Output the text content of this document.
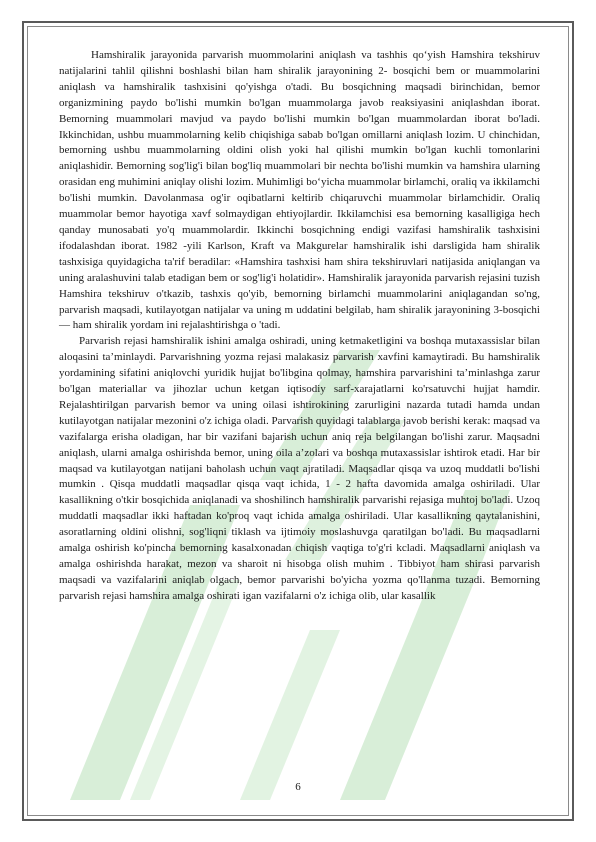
Hamshiralik jarayonida parvarish muommolarini aniqlash va tashhis qo‘yish Hamshira tekshiruv natijalarini tahlil qilishni boshlashi bilan ham shiralik jarayonining 2- bosqichi bem or muammolarini aniqlash va hamshiralik tashxisini qo'yishga o'tadi. Bu bosqichning maqsadi birinchidan, bemor organizmining paydo bo'lishi mumkin bo'lgan muammolarga javob reaksiyasini aniqlashdan iborat. Bemorning muammolari mavjud va paydo bo'lishi mumkin bo'lgan muammolardan iborat bo'ladi. Ikkinchidan, ushbu muammolarning kelib chiqishiga sabab bo'lgan omillarni aniqlash lozim. U chinchidan, bemorning ushbu muammolarning oldini olish yoki hal qilishi mumkin bo'lgan kuchli tomonlarini aniqlashidir. Bemorning sog'lig'i bilan bog'liq muammolari bir nechta bo'lishi mumkin va hamshira ularning orasidan eng muhimini aniqlay olishi lozim. Muhimligi bo‘yicha muammolar birlamchi, oraliq va ikkilamchi bo'lishi mumkin. Davolanmasa og'ir oqibatlarni keltirib chiqaruvchi muammolar birlamchidir. Oraliq muammolar bemor hayotiga xavf solmaydigan ehtiyojlardir. Ikkilamchisi esa bemorning kasalligiga hech qanday munosabati yo'q muammolardir. Ikkinchi bosqichning endigi vazifasi hamshiralik tashxisini ifodalashdan iborat. 1982 -yili Karlson, Kraft va Makgurelar hamshiralik ishi darsligida ham shiralik tashxisiga quyidagicha ta'rif beradilar: «Hamshira tashxisi ham shira tekshiruvlari natijasida aniqlangan va uning aralashuvini talab etadigan bem or sog'lig'i holatidir». Hamshiralik jarayonida parvarish rejasini tuzish Hamshira tekshiruv o'tkazib, tashxis qo'yib, bemorning birlamchi muammolarini aniqlagandan so'ng, parvarish maqsadi, kutilayotgan natijalar va uning m uddatini belgilab, ham shiralik jarayonining 3-bosqichi — ham shiralik yordam ini rejalashtirishga o 'tadi.

Parvarish rejasi hamshiralik ishini amalga oshiradi, uning ketmaketligini va boshqa mutaxassislar bilan aloqasini ta’minlaydi. Parvarishning yozma rejasi malakasiz parvarish xavfini kamaytiradi. Bu hamshiralik yordamining sifatini aniqlovchi yuridik hujjat bo'libgina qolmay, hamshira parvarishini ta’minlashga zarur bo'lgan materiallar va jihozlar uchun ketgan iqtisodiy sarf-xarajatlarni ko'rsatuvchi hujjat hamdir. Rejalashtirilgan parvarish bemor va uning oilasi ishtirokining zarurligini nazarda tutadi hamda undan kutilayotgan natijalar mezonini o'z ichiga oladi. Parvarish quyidagi talablarga javob berishi kerak: maqsad va vazifalarga erisha oladigan, har bir vazifani bajarish uchun aniq reja belgilangan bo'lishi zarur. Maqsadni aniqlash, ularni amalga oshirishda bemor, uning oila a’zolari va boshqa mutaxassislar ishtirok etadi. Har bir maqsad va kutilayotgan natijani baholash uchun vaqt ajratiladi. Maqsadlar qisqa va uzoq muddatli bo'lishi mumkin . Qisqa muddatli maqsadlar qisqa vaqt ichida, 1 - 2 hafta davomida amalga oshiriladi. Ular kasallikning o'tkir bosqichida aniqlanadi va shoshilinch hamshiralik parvarishi rejasiga muhtoj bo'ladi. Uzoq muddatli maqsadlar ikki haftadan ko'proq vaqt ichida amalga oshiriladi. Ular kasallikning qaytalanishini, asoratlarning oldini olishni, sog'liqni tiklash va ijtimoiy moslashuvga qaratilgan bo'ladi. Bu maqsadlarni amalga oshirish ko'pincha bemorning kasalxonadan chiqish vaqtiga to'g'ri kcladi. Maqsadlarni aniqlash va amalga oshirishda harakat, mezon va sharoit ni hisobga olish muhim . Tibbiyot ham shirasi parvarish maqsadi va vazifalarini aniqlab olgach, bemor parvarishi bo'yicha yozma qo'llanma tuzadi. Bemorning parvarish rejasi hamshira amalga oshirati igan vazifalarni o'z ichiga olib, ular kasallik

6
